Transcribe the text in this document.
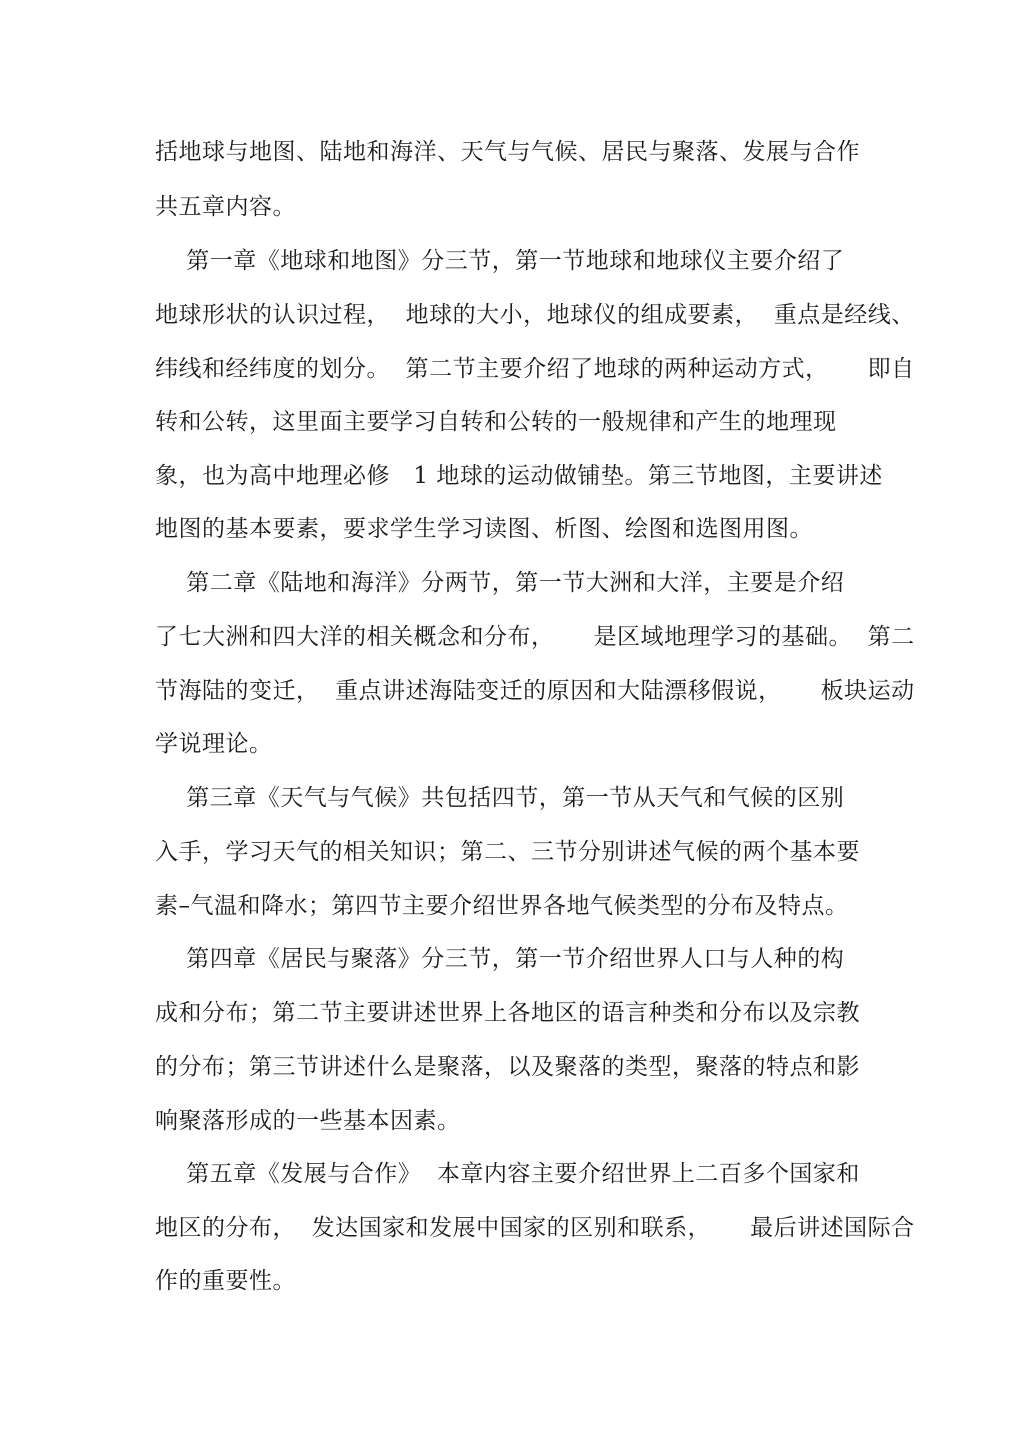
括地球与地图、陆地和海洋、天气与气候、居民与聚落、发展与合作
共五章内容。
第一章《地球和地图》分三节，第一节地球和地球仪主要介绍了
地球形状的认识过程，  地球的大小，地球仪的组成要素，  重点是经线、
纬线和经纬度的划分。  第二节主要介绍了地球的两种运动方式，     即自
转和公转，这里面主要学习自转和公转的一般规律和产生的地理现
象，也为高中地理必修   1 地球的运动做铺垫。第三节地图，主要讲述
地图的基本要素，要求学生学习读图、析图、绘图和选图用图。
第二章《陆地和海洋》分两节，第一节大洲和大洋，主要是介绍
了七大洲和四大洋的相关概念和分布，     是区域地理学习的基础。  第二
节海陆的变迁，  重点讲述海陆变迁的原因和大陆漂移假说，     板块运动
学说理论。
第三章《天气与气候》共包括四节，第一节从天气和气候的区别
入手，学习天气的相关知识；第二、三节分别讲述气候的两个基本要
素–气温和降水；第四节主要介绍世界各地气候类型的分布及特点。
第四章《居民与聚落》分三节，第一节介绍世界人口与人种的构
成和分布；第二节主要讲述世界上各地区的语言种类和分布以及宗教
的分布；第三节讲述什么是聚落，以及聚落的类型，聚落的特点和影
响聚落形成的一些基本因素。
第五章《发展与合作》  本章内容主要介绍世界上二百多个国家和
地区的分布，  发达国家和发展中国家的区别和联系，     最后讲述国际合
作的重要性。
